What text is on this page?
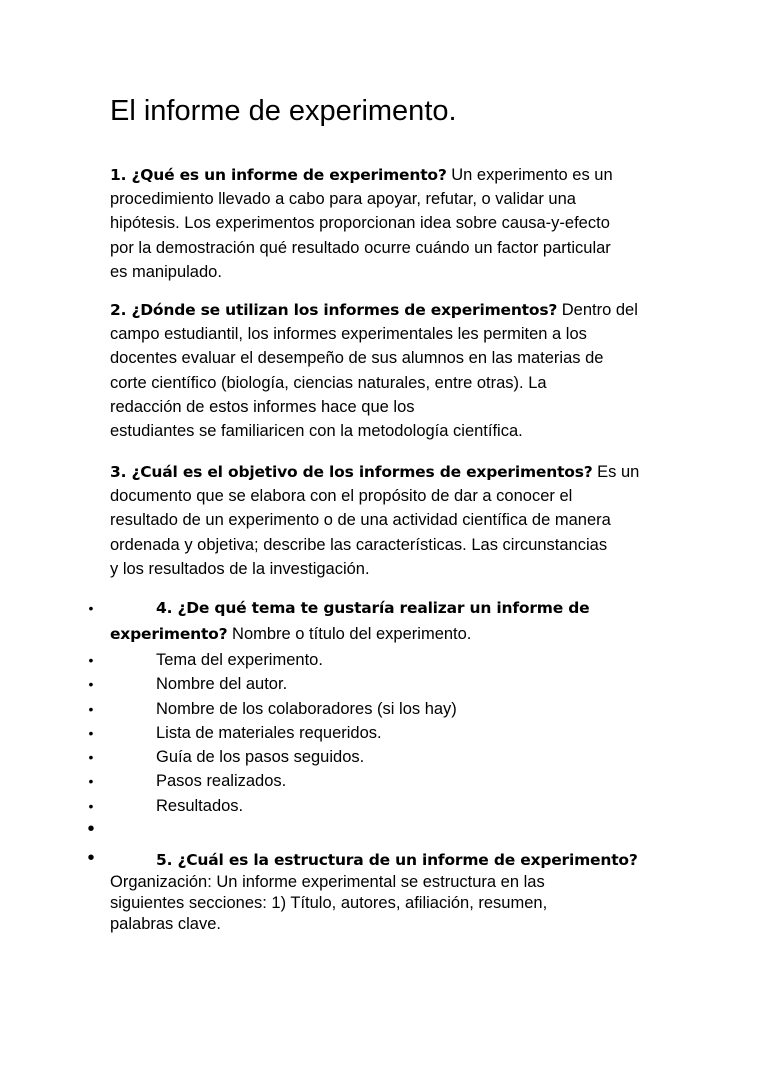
El informe de experimento.

1. ¿Qué es un informe de experimento? Un experimento es un
procedimiento llevado a cabo para apoyar, refutar, o validar una
hipótesis. Los experimentos proporcionan idea sobre causa-y-efecto
por la demostración qué resultado ocurre cuándo un factor particular
es manipulado.

2. ¿Dónde se utilizan los informes de experimentos? Dentro del
campo estudiantil, los informes experimentales les permiten a los
docentes evaluar el desempeño de sus alumnos en las materias de
corte científico (biología, ciencias naturales, entre otras). La
redacción de estos informes hace que los
estudiantes se familiaricen con la metodología científica.

3. ¿Cuál es el objetivo de los informes de experimentos? Es un
documento que se elabora con el propósito de dar a conocer el
resultado de un experimento o de una actividad científica de manera
ordenada y objetiva; describe las características. Las circunstancias
y los resultados de la investigación.

•	4. ¿De qué tema te gustaría realizar un informe de
experimento? Nombre o título del experimento.
•	Tema del experimento.
•	Nombre del autor.
•	Nombre de los colaboradores (si los hay)
•	Lista de materiales requeridos.
•	Guía de los pasos seguidos.
•	Pasos realizados.
•	Resultados.
•
•	5. ¿Cuál es la estructura de un informe de experimento?

Organización: Un informe experimental se estructura en las
siguientes secciones: 1) Título, autores, afiliación, resumen,
palabras clave.
